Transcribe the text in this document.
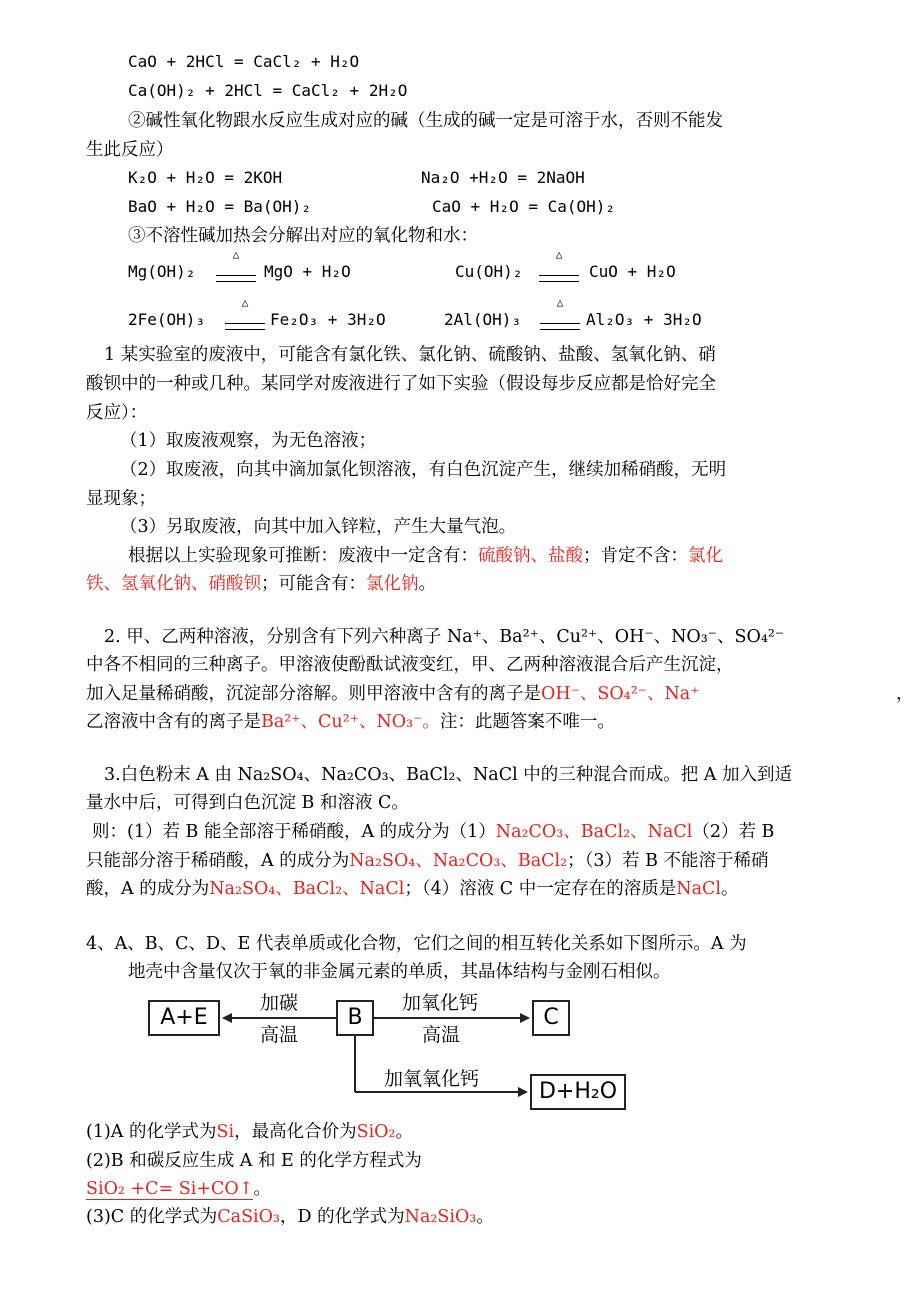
CaO + 2HCl = CaCl₂ + H₂O
Ca(OH)₂ + 2HCl = CaCl₂ + 2H₂O
②碱性氧化物跟水反应生成对应的碱（生成的碱一定是可溶于水，否则不能发
生此反应）
K₂O + H₂O = 2KOH	Na₂O +H₂O = 2NaOH
BaO + H₂O = Ba(OH)₂	CaO + H₂O = Ca(OH)₂
③不溶性碱加热会分解出对应的氧化物和水：
Mg(OH)₂
△
MgO + H₂O	Cu(OH)₂
△
CuO + H₂O
2Fe(OH)₃
△
Fe₂O₃ + 3H₂O	2Al(OH)₃
△
Al₂O₃ + 3H₂O
1 某实验室的废液中，可能含有氯化铁、氯化钠、硫酸钠、盐酸、氢氧化钠、硝
酸钡中的一种或几种。某同学对废液进行了如下实验（假设每步反应都是恰好完全
反应）：
（1）取废液观察，为无色溶液；
（2）取废液，向其中滴加氯化钡溶液，有白色沉淀产生，继续加稀硝酸，无明
显现象；
（3）另取废液，向其中加入锌粒，产生大量气泡。
根据以上实验现象可推断：废液中一定含有：硫酸钠、盐酸；肯定不含：氯化
铁、氢氧化钠、硝酸钡；可能含有：氯化钠。
2. 甲、乙两种溶液，分别含有下列六种离子 Na⁺、Ba²⁺、Cu²⁺、OH⁻、NO₃⁻、SO₄²⁻
中各不相同的三种离子。甲溶液使酚酞试液变红，甲、乙两种溶液混合后产生沉淀，
加入足量稀硝酸，沉淀部分溶解。则甲溶液中含有的离子是OH⁻、SO₄²⁻、Na⁺	，
乙溶液中含有的离子是Ba²⁺、Cu²⁺、NO₃⁻。注：此题答案不唯一。
3.白色粉末 A 由 Na₂SO₄、Na₂CO₃、BaCl₂、NaCl 中的三种混合而成。把 A 加入到适
量水中后，可得到白色沉淀 B 和溶液 C。
则：(1）若 B 能全部溶于稀硝酸，A 的成分为（1）Na₂CO₃、BaCl₂、NaCl（2）若 B
只能部分溶于稀硝酸，A 的成分为Na₂SO₄、Na₂CO₃、BaCl₂；（3）若 B 不能溶于稀硝
酸，A 的成分为Na₂SO₄、BaCl₂、NaCl；（4）溶液 C 中一定存在的溶质是NaCl。
4、A、B、C、D、E 代表单质或化合物，它们之间的相互转化关系如下图所示。A 为
地壳中含量仅次于氧的非金属元素的单质，其晶体结构与金刚石相似。
A+E	B	C
D+H₂O
加碳
高温
加氧化钙
高温
加氧氧化钙
(1)A 的化学式为Si，最高化合价为SiO₂。
(2)B 和碳反应生成 A 和 E 的化学方程式为
SiO₂ +C= Si+CO↑。
(3)C 的化学式为CaSiO₃，D 的化学式为Na₂SiO₃。
